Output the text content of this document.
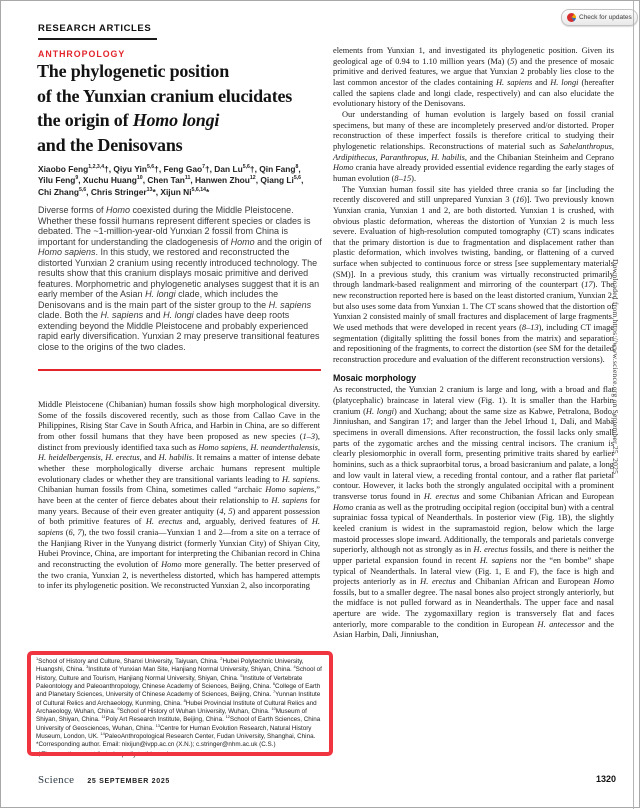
Check for updates
RESEARCH ARTICLES
ANTHROPOLOGY
The phylogenetic position
of the Yunxian cranium elucidates
the origin of Homo longi
and the Denisovans
Xiaobo Feng$^{1,2,3,4}$†, Qiyu Yin$^{5,6}$†, Feng Gao$^7$†, Dan Lu$^{5,6}$†, Qin Fang$^8$,
Yilu Feng$^9$, Xuchu Huang$^{10}$, Chen Tan$^{11}$, Hanwen Zhou$^{12}$, Qiang Li$^{5,6}$,
Chi Zhang$^{5,6}$, Chris Stringer$^{13}$*, Xijun Ni$^{5,6,14}$*
Diverse forms of Homo coexisted during the Middle Pleistocene. Whether these fossil humans represent different species or clades is debated. The ~1-million-year-old Yunxian 2 fossil from China is important for understanding the cladogenesis of Homo and the origin of Homo sapiens. In this study, we restored and reconstructed the distorted Yunxian 2 cranium using recently introduced technology. The results show that this cranium displays mosaic primitive and derived features. Morphometric and phylogenetic analyses suggest that it is an early member of the Asian H. longi clade, which includes the Denisovans and is the main part of the sister group to the H. sapiens clade. Both the H. sapiens and H. longi clades have deep roots extending beyond the Middle Pleistocene and probably experienced rapid early diversification. Yunxian 2 may preserve transitional features close to the origins of the two clades.
Middle Pleistocene (Chibanian) human fossils show high morphological diversity. Some of the fossils discovered recently, such as those from Callao Cave in the Philippines, Rising Star Cave in South Africa, and Harbin in China, are so different from other fossil humans that they have been proposed as new species (1–3), distinct from previously identified taxa such as Homo sapiens, H. neanderthalensis, H. heidelbergensis, H. erectus, and H. habilis. It remains a matter of intense debate whether these morphologically diverse archaic humans represent multiple evolutionary clades or whether they are transitional variants leading to H. sapiens. Chibanian human fossils from China, sometimes called “archaic Homo sapiens,” have been at the center of fierce debates about their relationship to H. sapiens for many years. Because of their even greater antiquity (4, 5) and apparent possession of both primitive features of H. erectus and, arguably, derived features of H. sapiens (6, 7), the two fossil crania—Yunxian 1 and 2—from a site on a terrace of the Hanjiang River in the Yunyang district (formerly Yunxian City) of Shiyan City, Hubei Province, China, are important for interpreting the Chibanian record in China and reconstructing the evolution of Homo more generally. The better preserved of the two crania, Yunxian 2, is nevertheless distorted, which has hampered attempts to infer its phylogenetic position. We reconstructed Yunxian 2, also incorporating
$^1$School of History and Culture, Shanxi University, Taiyuan, China. $^2$Hubei Polytechnic University, Huangshi, China. $^3$Institute of Yunxian Man Site, Hanjiang Normal University, Shiyan, China. $^4$School of History, Culture and Tourism, Hanjiang Normal University, Shiyan, China. $^5$Institute of Vertebrate Paleontology and Paleoanthropology, Chinese Academy of Sciences, Beijing, China. $^6$College of Earth and Planetary Sciences, University of Chinese Academy of Sciences, Beijing, China. $^7$Yunnan Institute of Cultural Relics and Archaeology, Kunming, China. $^8$Hubei Provincial Institute of Cultural Relics and Archaeology, Wuhan, China. $^9$School of History of Wuhan University, Wuhan, China. $^{10}$Museum of Shiyan, Shiyan, China. $^{11}$Poly Art Research Institute, Beijing, China. $^{12}$School of Earth Sciences, China University of Geosciences, Wuhan, China. $^{13}$Centre for Human Evolution Research, Natural History Museum, London, UK. $^{14}$PaleoAnthropological Research Center, Fudan University, Shanghai, China.
*Corresponding author. Email: nixijun@ivpp.ac.cn (X.N.); c.stringer@nhm.ac.uk (C.S.)
†These authors contributed equally to this work.

elements from Yunxian 1, and investigated its phylogenetic position. Given its geological age of 0.94 to 1.10 million years (Ma) (5) and the presence of mosaic primitive and derived features, we argue that Yunxian 2 probably lies close to the last common ancestor of the clades containing H. sapiens and H. longi (hereafter called the sapiens clade and longi clade, respectively) and can also elucidate the evolutionary history of the Denisovans.

Our understanding of human evolution is largely based on fossil cranial specimens, but many of these are incompletely preserved and/or distorted. Proper reconstruction of these imperfect fossils is therefore critical to studying their phylogenetic relationships. Reconstructions of material such as Sahelanthropus, Ardipithecus, Paranthropus, H. habilis, and the Chibanian Steinheim and Ceprano Homo crania have already provided essential evidence regarding the early stages of human evolution (8–15).

The Yunxian human fossil site has yielded three crania so far [including the recently discovered and still unprepared Yunxian 3 (16)]. Two previously known Yunxian crania, Yunxian 1 and 2, are both distorted. Yunxian 1 is crushed, with obvious plastic deformation, whereas the distortion of Yunxian 2 is much less severe. Evaluation of high-resolution computed tomography (CT) scans indicates that the primary distortion is due to fragmentation and displacement rather than plastic deformation, which involves twisting, banding, or flattening of a curved surface when subjected to continuous force or stress [see supplementary materials (SM)]. In a previous study, this cranium was virtually reconstructed primarily through landmark-based realignment and mirroring of the counterpart (17). The new reconstruction reported here is based on the least distorted cranium, Yunxian 2, but also uses some data from Yunxian 1. The CT scans showed that the distortion of Yunxian 2 consisted mainly of small fractures and displacement of large fragments. We used methods that were developed in recent years (8–13), including CT image segmentation (digitally splitting the fossil bones from the matrix) and separation and repositioning of the fragments, to correct the distortion (see SM for the detailed reconstruction procedure and evaluation of the different reconstruction versions).

Mosaic morphology

As reconstructed, the Yunxian 2 cranium is large and long, with a broad and flat (platycephalic) braincase in lateral view (Fig. 1). It is smaller than the Harbin cranium (H. longi) and Xuchang; about the same size as Kabwe, Petralona, Bodo, Jinniushan, and Sangiran 17; and larger than the Jebel Irhoud 1, Dali, and Maba specimens in overall dimensions. After reconstruction, the fossil lacks only small parts of the zygomatic arches and the missing central incisors. The cranium is clearly plesiomorphic in overall form, presenting primitive traits shared by earlier hominins, such as a thick supraorbital torus, a broad basicranium and palate, a long and low vault in lateral view, a receding frontal contour, and a rather flat parietal contour. However, it lacks both the strongly angulated occipital with a prominent transverse torus found in H. erectus and some Chibanian African and European Homo crania as well as the protruding occipital region (occipital bun) with a central suprainiac fossa typical of Neanderthals. In posterior view (Fig. 1B), the slightly keeled cranium is widest in the supramastoid region, below which the large mastoid processes slope inward. Additionally, the temporals and parietals converge superiorly, although not as strongly as in H. erectus fossils, and there is neither the upper parietal expansion found in recent H. sapiens nor the “en bombe” shape typical of Neanderthals. In lateral view (Fig. 1, E and F), the face is high and projects anteriorly as in H. erectus and Chibanian African and European Homo fossils, but to a smaller degree. The nasal bones also project strongly anteriorly, but the midface is not pulled forward as in Neanderthals. The upper face and nasal aperture are wide. The zygomaxillary region is transversely flat and faces anteriorly, more comparable to the condition in European H. antecessor and the Asian Harbin, Dali, Jinniushan,

Downloaded from https://www.science.org on September 25, 2025
Science 25 SEPTEMBER 2025	1320
